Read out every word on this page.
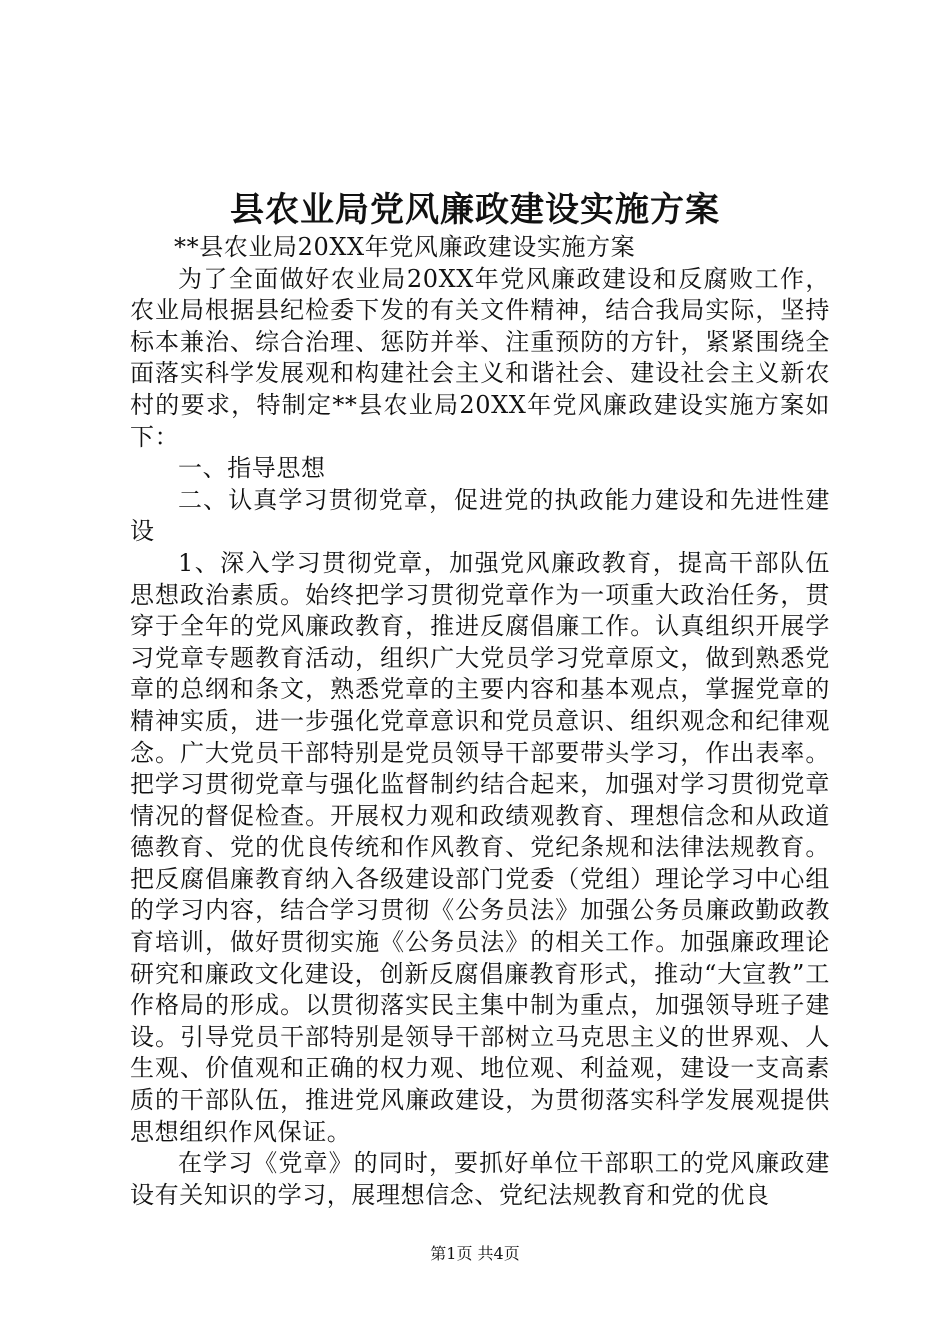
县农业局党风廉政建设实施方案

**县农业局20XX年党风廉政建设实施方案

为了全面做好农业局20XX年党风廉政建设和反腐败工作，农业局根据县纪检委下发的有关文件精神，结合我局实际，坚持标本兼治、综合治理、惩防并举、注重预防的方针，紧紧围绕全面落实科学发展观和构建社会主义和谐社会、建设社会主义新农村的要求，特制定**县农业局20XX年党风廉政建设实施方案如下：

一、指导思想

二、认真学习贯彻党章，促进党的执政能力建设和先进性建设

1、深入学习贯彻党章，加强党风廉政教育，提高干部队伍思想政治素质。始终把学习贯彻党章作为一项重大政治任务，贯穿于全年的党风廉政教育，推进反腐倡廉工作。认真组织开展学习党章专题教育活动，组织广大党员学习党章原文，做到熟悉党章的总纲和条文，熟悉党章的主要内容和基本观点，掌握党章的精神实质，进一步强化党章意识和党员意识、组织观念和纪律观念。广大党员干部特别是党员领导干部要带头学习，作出表率。把学习贯彻党章与强化监督制约结合起来，加强对学习贯彻党章情况的督促检查。开展权力观和政绩观教育、理想信念和从政道德教育、党的优良传统和作风教育、党纪条规和法律法规教育。把反腐倡廉教育纳入各级建设部门党委（党组）理论学习中心组的学习内容，结合学习贯彻《公务员法》加强公务员廉政勤政教育培训，做好贯彻实施《公务员法》的相关工作。加强廉政理论研究和廉政文化建设，创新反腐倡廉教育形式，推动“大宣教”工作格局的形成。以贯彻落实民主集中制为重点，加强领导班子建设。引导党员干部特别是领导干部树立马克思主义的世界观、人生观、价值观和正确的权力观、地位观、利益观，建设一支高素质的干部队伍，推进党风廉政建设，为贯彻落实科学发展观提供思想组织作风保证。

在学习《党章》的同时，要抓好单位干部职工的党风廉政建设有关知识的学习，展理想信念、党纪法规教育和党的优良

第1页 共4页
